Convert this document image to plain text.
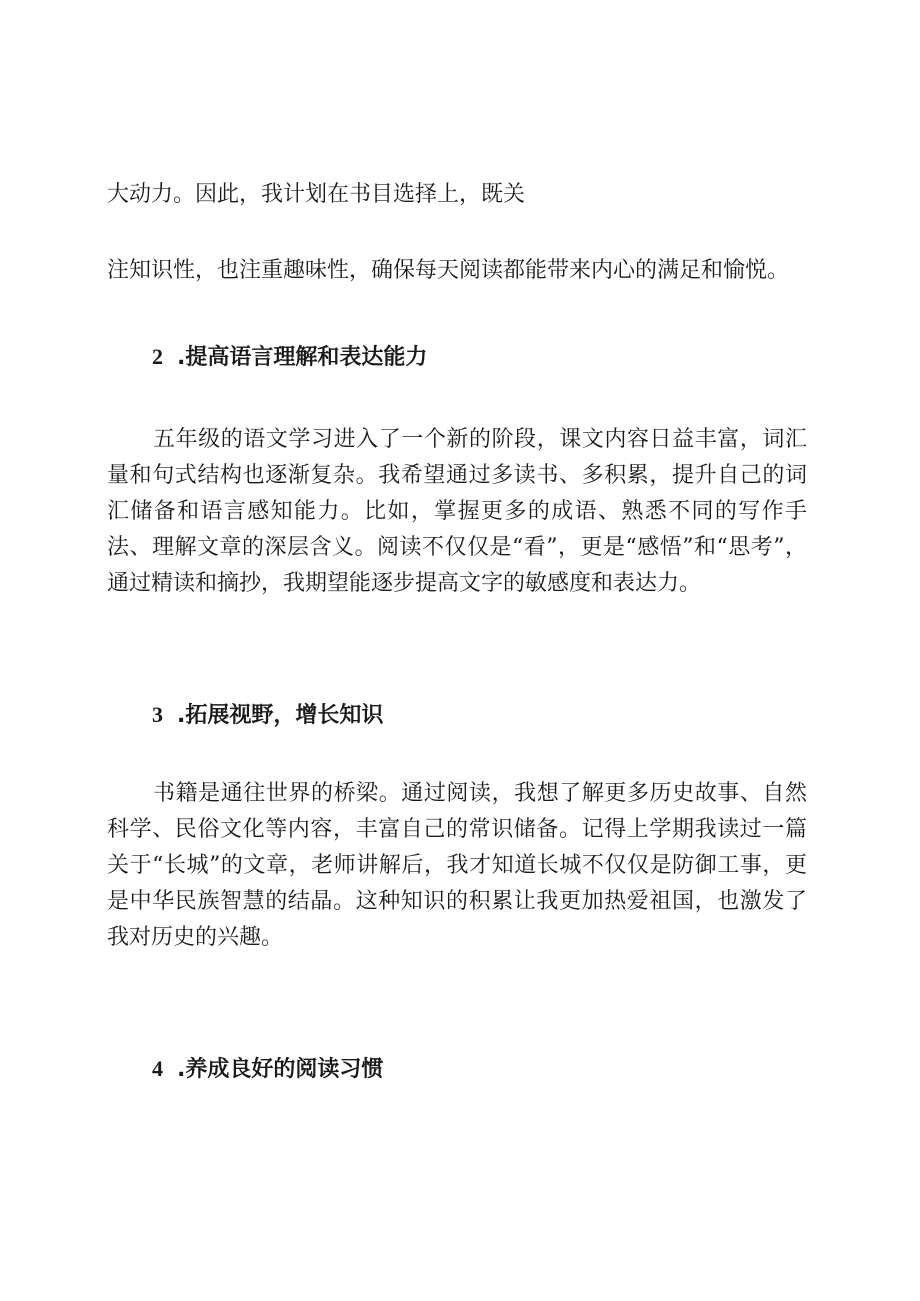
大动力。因此，我计划在书目选择上，既关

注知识性，也注重趣味性，确保每天阅读都能带来内心的满足和愉悦。

2 .提高语言理解和表达能力

五年级的语文学习进入了一个新的阶段，课文内容日益丰富，词汇量和句式结构也逐渐复杂。我希望通过多读书、多积累，提升自己的词汇储备和语言感知能力。比如，掌握更多的成语、熟悉不同的写作手法、理解文章的深层含义。阅读不仅仅是“看”，更是“感悟”和“思考”，通过精读和摘抄，我期望能逐步提高文字的敏感度和表达力。

3 .拓展视野，增长知识

书籍是通往世界的桥梁。通过阅读，我想了解更多历史故事、自然科学、民俗文化等内容，丰富自己的常识储备。记得上学期我读过一篇关于“长城”的文章，老师讲解后，我才知道长城不仅仅是防御工事，更是中华民族智慧的结晶。这种知识的积累让我更加热爱祖国，也激发了我对历史的兴趣。

4 .养成良好的阅读习惯
